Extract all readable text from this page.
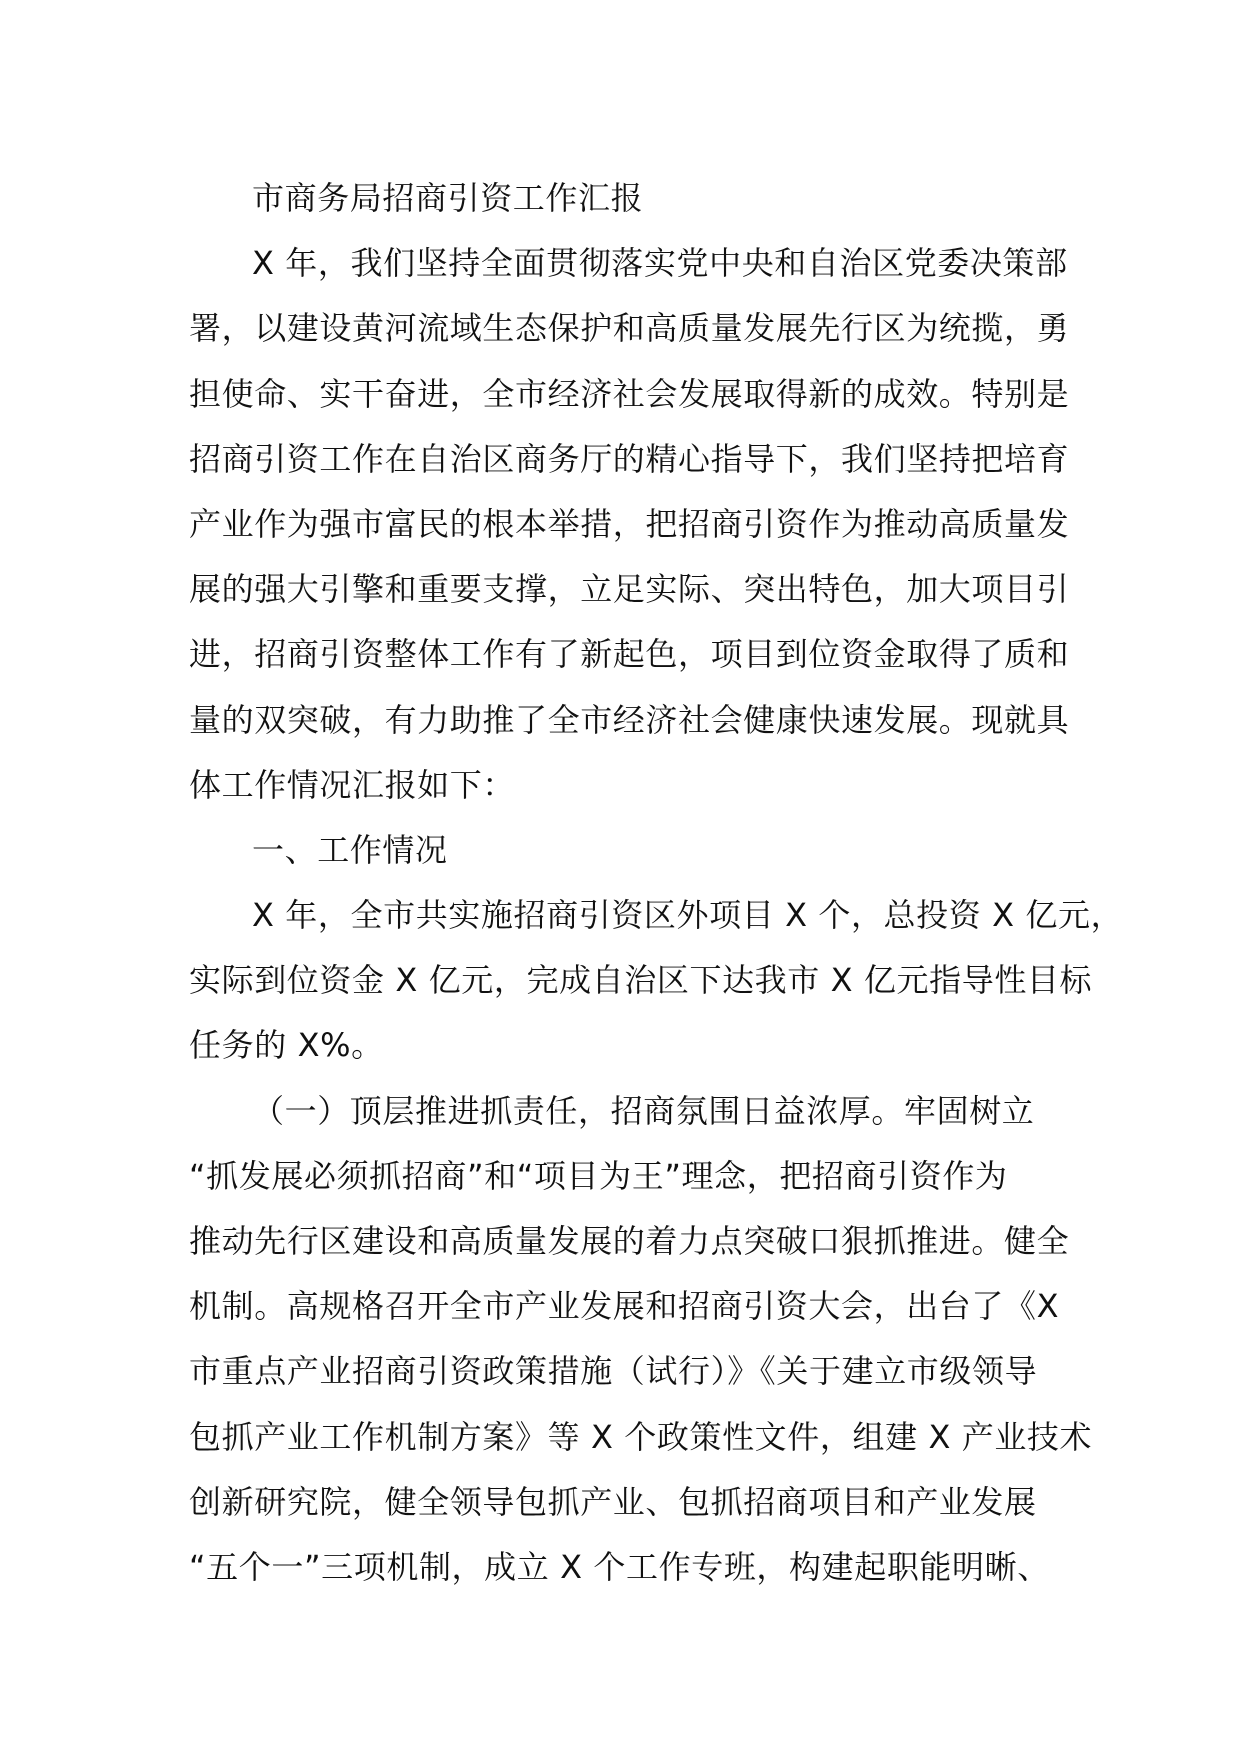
市商务局招商引资工作汇报
X 年，我们坚持全面贯彻落实党中央和自治区党委决策部
署，以建设黄河流域生态保护和高质量发展先行区为统揽，勇
担使命、实干奋进，全市经济社会发展取得新的成效。特别是
招商引资工作在自治区商务厅的精心指导下，我们坚持把培育
产业作为强市富民的根本举措，把招商引资作为推动高质量发
展的强大引擎和重要支撑，立足实际、突出特色，加大项目引
进，招商引资整体工作有了新起色，项目到位资金取得了质和
量的双突破，有力助推了全市经济社会健康快速发展。现就具
体工作情况汇报如下：
一、工作情况
X 年，全市共实施招商引资区外项目 X 个，总投资 X 亿元，
实际到位资金 X 亿元，完成自治区下达我市 X 亿元指导性目标
任务的 X%。
（一）顶层推进抓责任，招商氛围日益浓厚。牢固树立
“抓发展必须抓招商”和“项目为王”理念，把招商引资作为
推动先行区建设和高质量发展的着力点突破口狠抓推进。健全
机制。高规格召开全市产业发展和招商引资大会，出台了《X
市重点产业招商引资政策措施（试行）》《关于建立市级领导
包抓产业工作机制方案》等 X 个政策性文件，组建 X 产业技术
创新研究院，健全领导包抓产业、包抓招商项目和产业发展
“五个一”三项机制，成立 X 个工作专班，构建起职能明晰、
